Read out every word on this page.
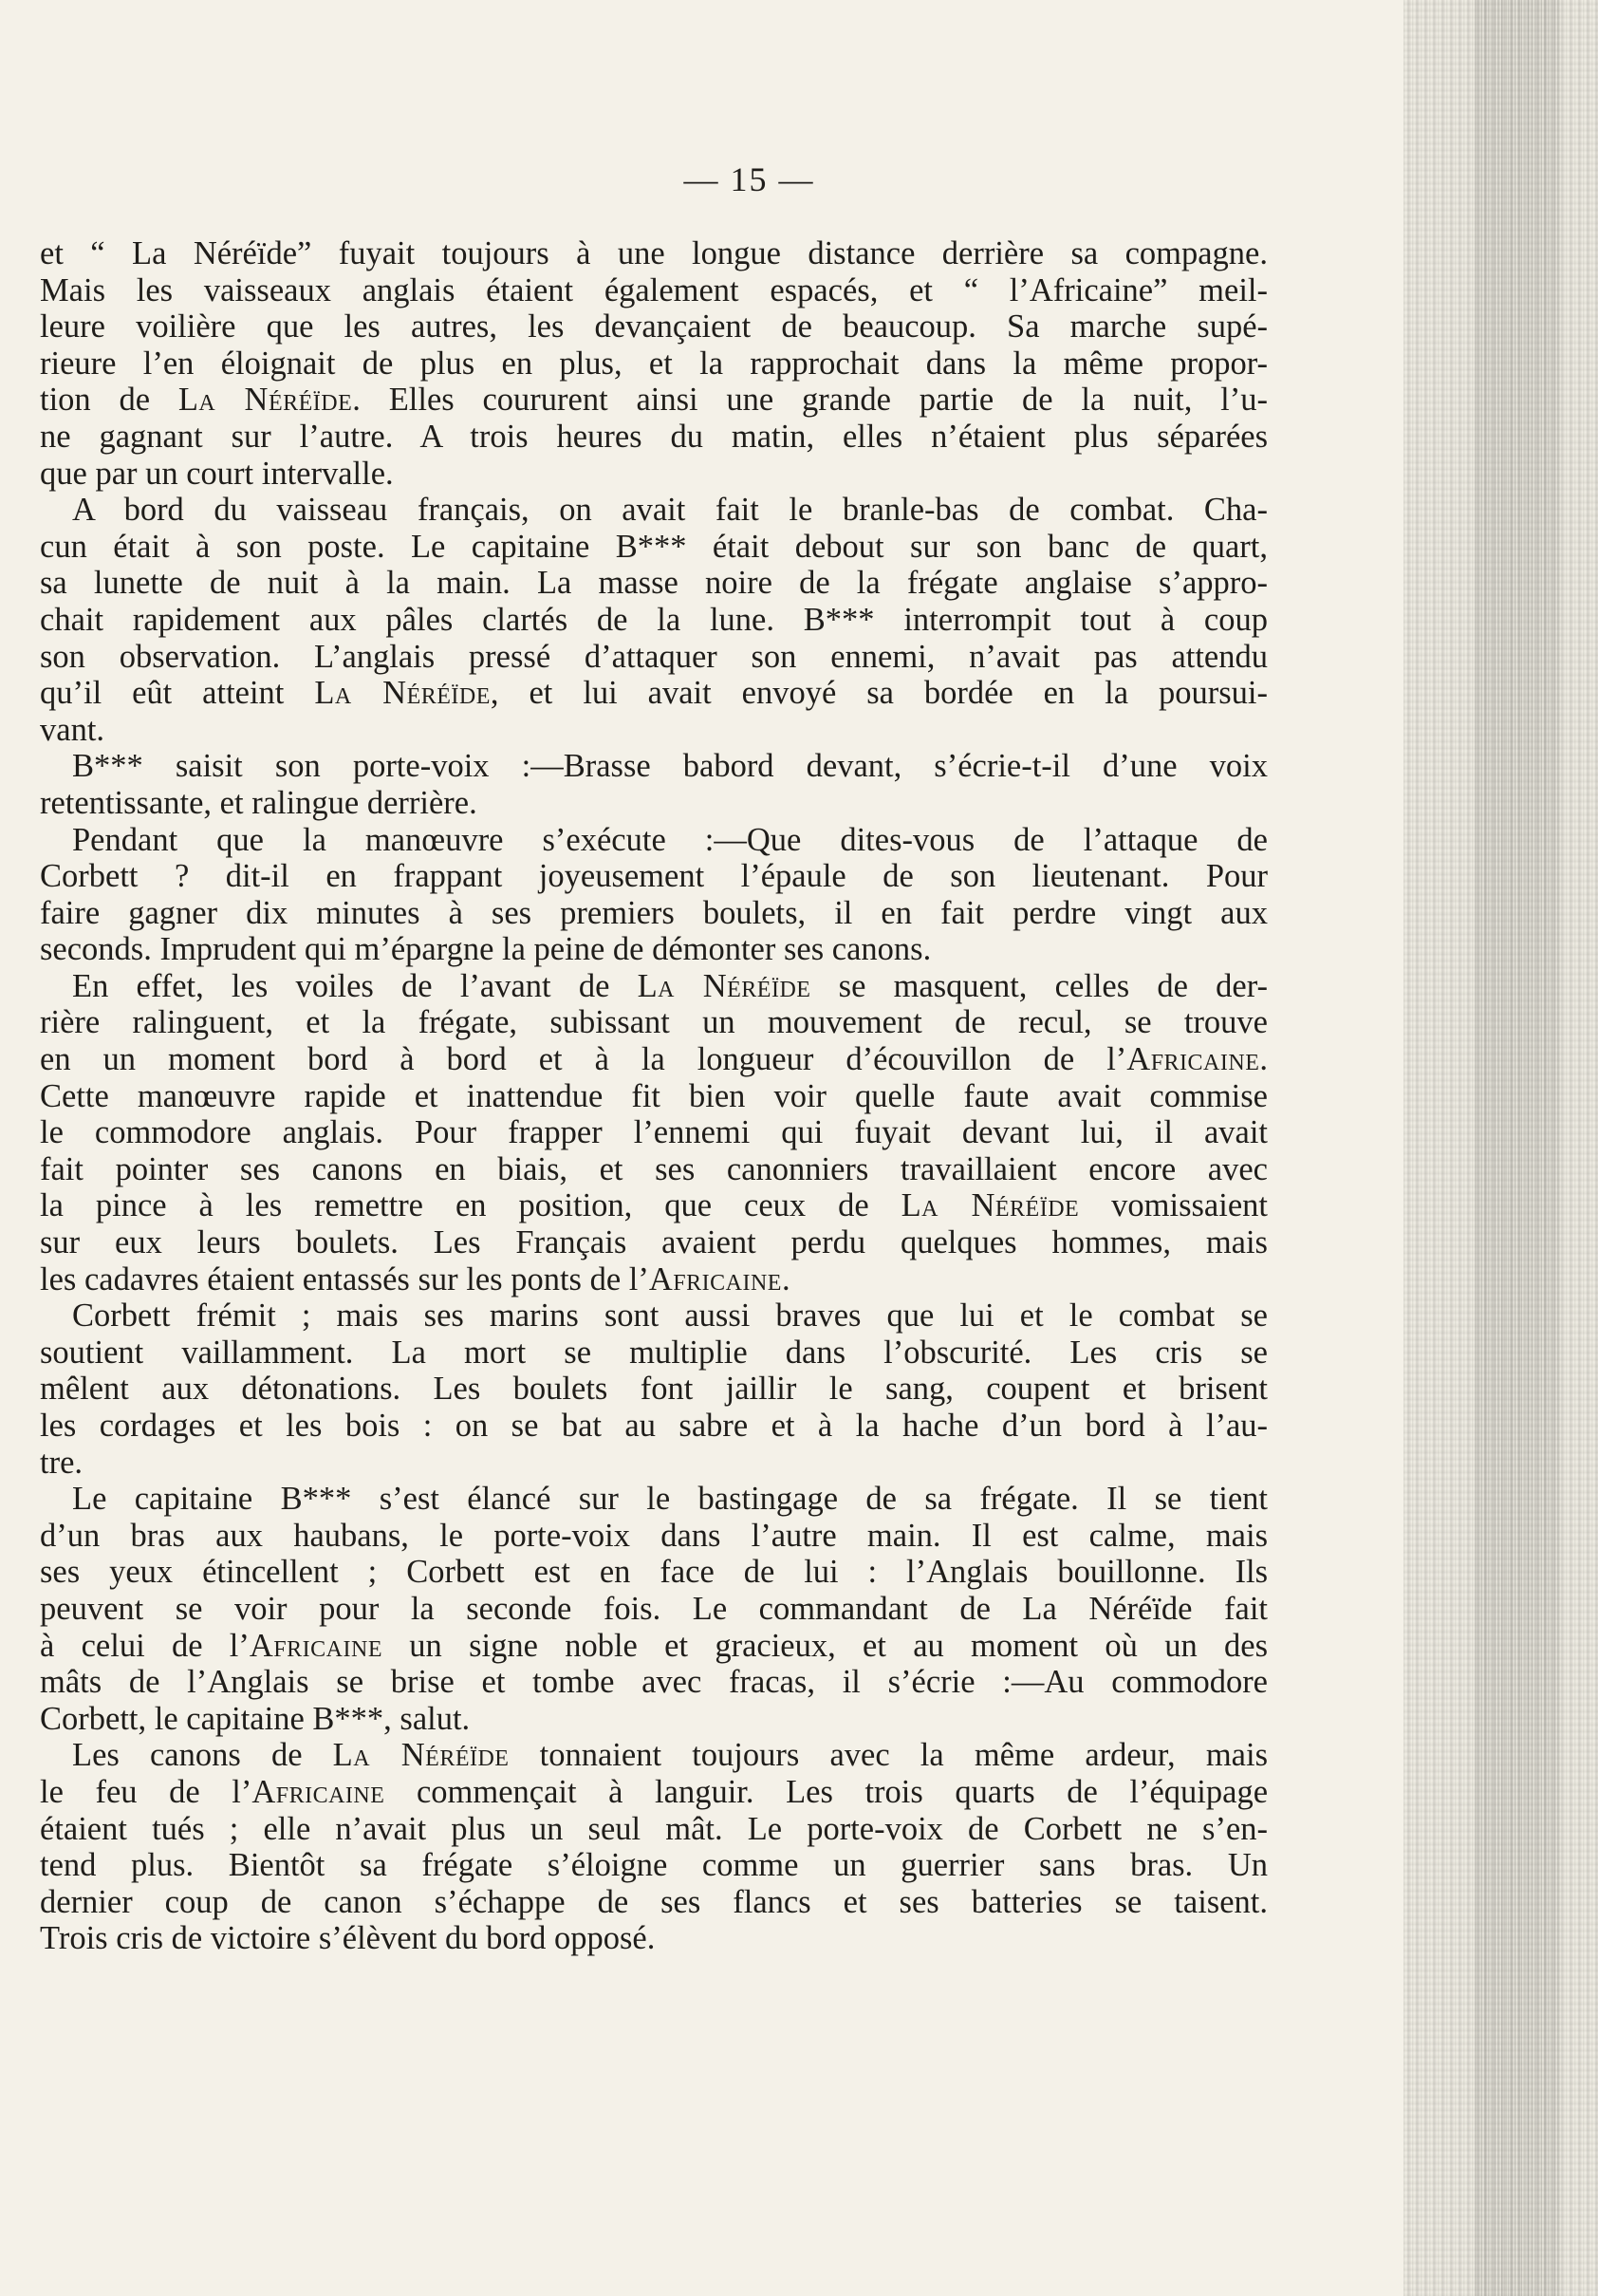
— 15 —
et “ La Néréïde” fuyait toujours à une longue distance derrière sa compagne.
Mais les vaisseaux anglais étaient également espacés, et “ l’Africaine” meil-
leure voilière que les autres, les devançaient de beaucoup. Sa marche supé-
rieure l’en éloignait de plus en plus, et la rapprochait dans la même propor-
tion de La Néréïde. Elles coururent ainsi une grande partie de la nuit, l’u-
ne gagnant sur l’autre. A trois heures du matin, elles n’étaient plus séparées
que par un court intervalle.
A bord du vaisseau français, on avait fait le branle-bas de combat. Cha-
cun était à son poste. Le capitaine B*** était debout sur son banc de quart,
sa lunette de nuit à la main. La masse noire de la frégate anglaise s’appro-
chait rapidement aux pâles clartés de la lune. B*** interrompit tout à coup
son observation. L’anglais pressé d’attaquer son ennemi, n’avait pas attendu
qu’il eût atteint La Néréïde, et lui avait envoyé sa bordée en la poursui-
vant.
B*** saisit son porte-voix :—Brasse babord devant, s’écrie-t-il d’une voix
retentissante, et ralingue derrière.
Pendant que la manœuvre s’exécute :—Que dites-vous de l’attaque de
Corbett ? dit-il en frappant joyeusement l’épaule de son lieutenant. Pour
faire gagner dix minutes à ses premiers boulets, il en fait perdre vingt aux
seconds. Imprudent qui m’épargne la peine de démonter ses canons.
En effet, les voiles de l’avant de La Néréïde se masquent, celles de der-
rière ralinguent, et la frégate, subissant un mouvement de recul, se trouve
en un moment bord à bord et à la longueur d’écouvillon de l’Africaine.
Cette manœuvre rapide et inattendue fit bien voir quelle faute avait commise
le commodore anglais. Pour frapper l’ennemi qui fuyait devant lui, il avait
fait pointer ses canons en biais, et ses canonniers travaillaient encore avec
la pince à les remettre en position, que ceux de La Néréïde vomissaient
sur eux leurs boulets. Les Français avaient perdu quelques hommes, mais
les cadavres étaient entassés sur les ponts de l’Africaine.
Corbett frémit ; mais ses marins sont aussi braves que lui et le combat se
soutient vaillamment. La mort se multiplie dans l’obscurité. Les cris se
mêlent aux détonations. Les boulets font jaillir le sang, coupent et brisent
les cordages et les bois : on se bat au sabre et à la hache d’un bord à l’au-
tre.
Le capitaine B*** s’est élancé sur le bastingage de sa frégate. Il se tient
d’un bras aux haubans, le porte-voix dans l’autre main. Il est calme, mais
ses yeux étincellent ; Corbett est en face de lui : l’Anglais bouillonne. Ils
peuvent se voir pour la seconde fois. Le commandant de La Néréïde fait
à celui de l’Africaine un signe noble et gracieux, et au moment où un des
mâts de l’Anglais se brise et tombe avec fracas, il s’écrie :—Au commodore
Corbett, le capitaine B***, salut.
Les canons de La Néréïde tonnaient toujours avec la même ardeur, mais
le feu de l’Africaine commençait à languir. Les trois quarts de l’équipage
étaient tués ; elle n’avait plus un seul mât. Le porte-voix de Corbett ne s’en-
tend plus. Bientôt sa frégate s’éloigne comme un guerrier sans bras. Un
dernier coup de canon s’échappe de ses flancs et ses batteries se taisent.
Trois cris de victoire s’élèvent du bord opposé.
